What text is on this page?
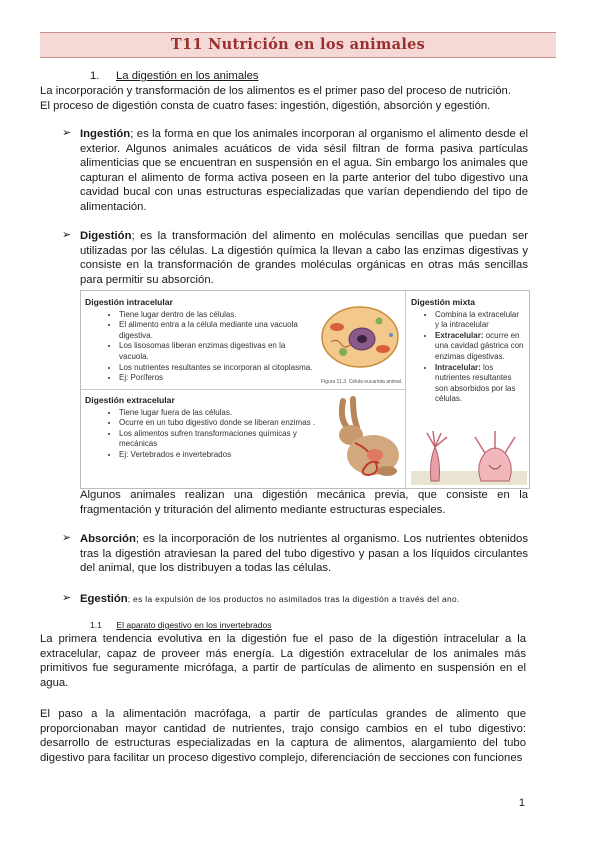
T11 Nutrición en los animales
1. La digestión en los animales
La incorporación y transformación de los alimentos es el primer paso del proceso de nutrición.
El proceso de digestión consta de cuatro fases: ingestión, digestión, absorción y egestión.
➢ Ingestión; es la forma en que los animales incorporan al organismo el alimento desde el exterior. Algunos animales acuáticos de vida sésil filtran de forma pasiva partículas alimenticias que se encuentran en suspensión en el agua. Sin embargo los animales que capturan el alimento de forma activa poseen en la parte anterior del tubo digestivo una cavidad bucal con unas estructuras especializadas que varían dependiendo del tipo de alimentación.
➢ Digestión; es la transformación del alimento en moléculas sencillas que puedan ser utilizadas por las células. La digestión química la llevan a cabo las enzimas digestivas y consiste en la transformación de grandes moléculas orgánicas en otras más sencillas para permitir su absorción.
Digestión intracelular
• Tiene lugar dentro de las células.
• El alimento entra a la célula mediante una vacuola digestiva.
• Los lisosomas liberan enzimas digestivas en la vacuola.
• Los nutrientes resultantes se incorporan al citoplasma.
• Ej: Poríferos	Figura 11.3. Célula eucariota animal.
Digestión extracelular
• Tiene lugar fuera de las células.
• Ocurre en un tubo digestivo donde se liberan enzimas .
• Los alimentos sufren transformaciones químicas y mecánicas
• Ej: Vertebrados e invertebrados
Digestión mixta
• Combina la extracelular y la intracelular
• Extracelular: ocurre en una cavidad gástrica con enzimas digestivas.
• Intracelular: los nutrientes resultantes son absorbidos por las células.
Algunos animales realizan una digestión mecánica previa, que consiste en la fragmentación y trituración del alimento mediante estructuras especiales.
➢ Absorción; es la incorporación de los nutrientes al organismo. Los nutrientes obtenidos tras la digestión atraviesan la pared del tubo digestivo y pasan a los líquidos circulantes del animal, que los distribuyen a todas las células.
➢ Egestión; es la expulsión de los productos no asimilados tras la digestión a través del ano.
1.1 El aparato digestivo en los invertebrados
La primera tendencia evolutiva en la digestión fue el paso de la digestión intracelular a la extracelular, capaz de proveer más energía. La digestión extracelular de los animales más primitivos fue seguramente micrófaga, a partir de partículas de alimento en suspensión en el agua.
El paso a la alimentación macrófaga, a partir de partículas grandes de alimento que proporcionaban mayor cantidad de nutrientes, trajo consigo cambios en el tubo digestivo: desarrollo de estructuras especializadas en la captura de alimentos, alargamiento del tubo digestivo para facilitar un proceso digestivo complejo, diferenciación de secciones con funciones
1
